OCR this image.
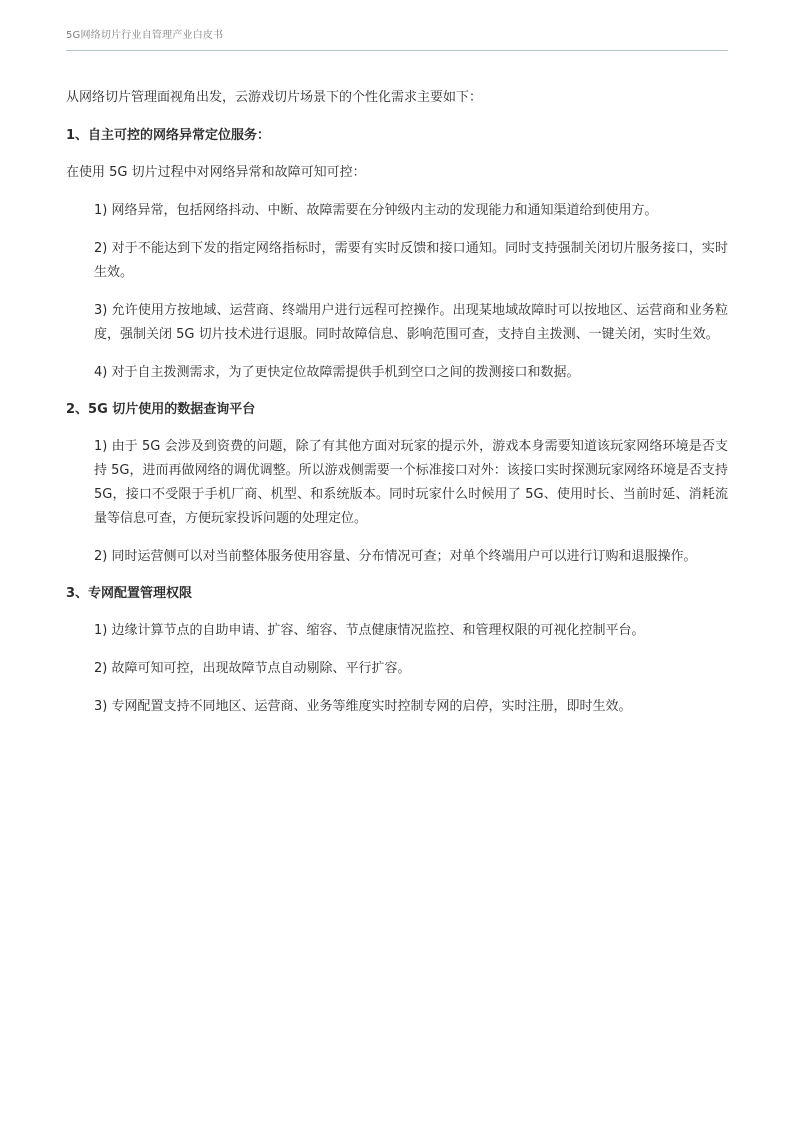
5G网络切片行业自管理产业白皮书

从网络切片管理面视角出发，云游戏切片场景下的个性化需求主要如下：

1、自主可控的网络异常定位服务：

在使用 5G 切片过程中对网络异常和故障可知可控：

1) 网络异常，包括网络抖动、中断、故障需要在分钟级内主动的发现能力和通知渠道给到使用方。

2) 对于不能达到下发的指定网络指标时，需要有实时反馈和接口通知。同时支持强制关闭切片服务接口，实时生效。

3) 允许使用方按地域、运营商、终端用户进行远程可控操作。出现某地域故障时可以按地区、运营商和业务粒度，强制关闭 5G 切片技术进行退服。同时故障信息、影响范围可查，支持自主拨测、一键关闭，实时生效。

4) 对于自主拨测需求，为了更快定位故障需提供手机到空口之间的拨测接口和数据。

2、5G 切片使用的数据查询平台

1) 由于 5G 会涉及到资费的问题，除了有其他方面对玩家的提示外，游戏本身需要知道该玩家网络环境是否支持 5G，进而再做网络的调优调整。所以游戏侧需要一个标准接口对外：该接口实时探测玩家网络环境是否支持 5G，接口不受限于手机厂商、机型、和系统版本。同时玩家什么时候用了 5G、使用时长、当前时延、消耗流量等信息可查，方便玩家投诉问题的处理定位。

2) 同时运营侧可以对当前整体服务使用容量、分布情况可查；对单个终端用户可以进行订购和退服操作。

3、专网配置管理权限

1) 边缘计算节点的自助申请、扩容、缩容、节点健康情况监控、和管理权限的可视化控制平台。

2) 故障可知可控，出现故障节点自动剔除、平行扩容。

3) 专网配置支持不同地区、运营商、业务等维度实时控制专网的启停，实时注册，即时生效。
